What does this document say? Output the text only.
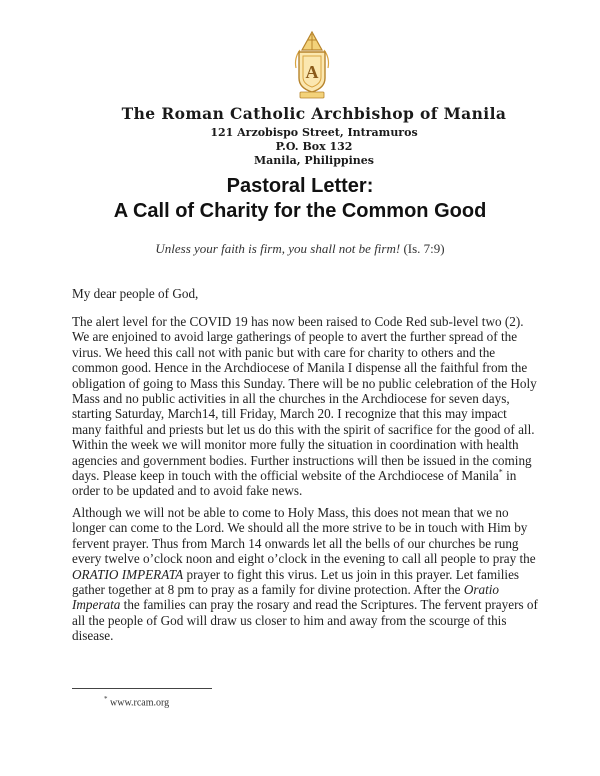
A
The Roman Catholic Archbishop of Manila
121 Arzobispo Street, Intramuros
P.O. Box 132
Manila, Philippines
Pastoral Letter:
A Call of Charity for the Common Good
Unless your faith is firm, you shall not be firm! (Is. 7:9)
My dear people of God,

The alert level for the COVID 19 has now been raised to Code Red sub-level two (2). We are enjoined to avoid large gatherings of people to avert the further spread of the virus. We heed this call not with panic but with care for charity to others and the common good. Hence in the Archdiocese of Manila I dispense all the faithful from the obligation of going to Mass this Sunday. There will be no public celebration of the Holy Mass and no public activities in all the churches in the Archdiocese for seven days, starting Saturday, March14, till Friday, March 20. I recognize that this may impact many faithful and priests but let us do this with the spirit of sacrifice for the good of all. Within the week we will monitor more fully the situation in coordination with health agencies and government bodies. Further instructions will then be issued in the coming days. Please keep in touch with the official website of the Archdiocese of Manila* in order to be updated and to avoid fake news.

Although we will not be able to come to Holy Mass, this does not mean that we no longer can come to the Lord. We should all the more strive to be in touch with Him by fervent prayer. Thus from March 14 onwards let all the bells of our churches be rung every twelve o’clock noon and eight o’clock in the evening to call all people to pray the ORATIO IMPERATA prayer to fight this virus. Let us join in this prayer. Let families gather together at 8 pm to pray as a family for divine protection. After the Oratio Imperata the families can pray the rosary and read the Scriptures. The fervent prayers of all the people of God will draw us closer to him and away from the scourge of this disease.

* www.rcam.org
